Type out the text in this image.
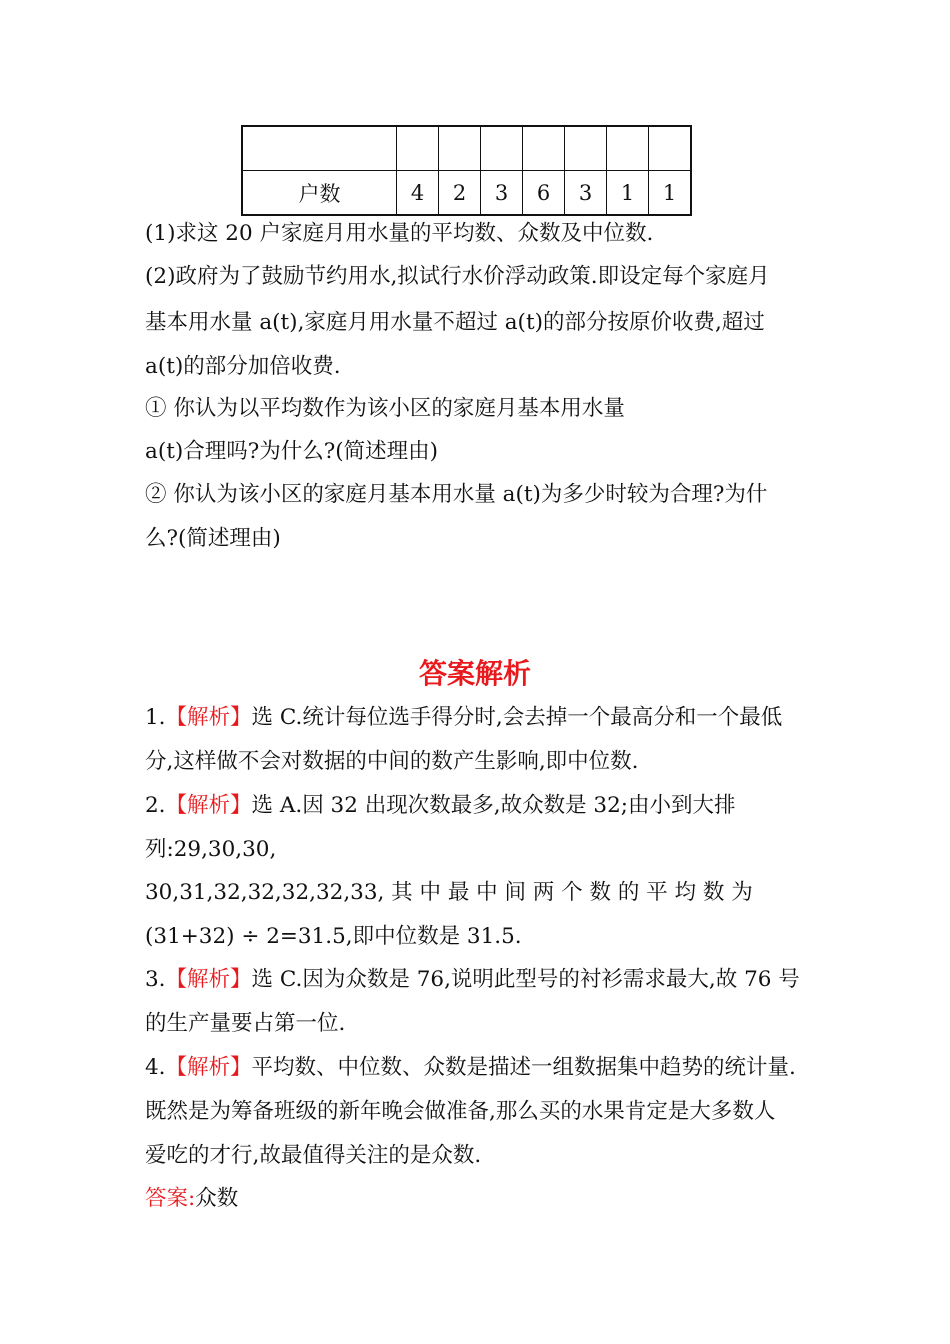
户数	4	2	3	6	3	1	1
(1)求这 20 户家庭月用水量的平均数、众数及中位数.
(2)政府为了鼓励节约用水,拟试行水价浮动政策.即设定每个家庭月
基本用水量 a(t),家庭月用水量不超过 a(t)的部分按原价收费,超过
a(t)的部分加倍收费.
① 你认为以平均数作为该小区的家庭月基本用水量
a(t)合理吗?为什么?(简述理由)
② 你认为该小区的家庭月基本用水量 a(t)为多少时较为合理?为什
么?(简述理由)
答案解析
1.【解析】选 C.统计每位选手得分时,会去掉一个最高分和一个最低
分,这样做不会对数据的中间的数产生影响,即中位数.
2.【解析】选 A.因 32 出现次数最多,故众数是 32;由小到大排
列:29,30,30,
30,31,32,32,32,32,33, 其 中 最 中 间 两 个 数 的 平 均 数 为
(31+32) ÷ 2=31.5,即中位数是 31.5.
3.【解析】选 C.因为众数是 76,说明此型号的衬衫需求最大,故 76 号
的生产量要占第一位.
4.【解析】平均数、中位数、众数是描述一组数据集中趋势的统计量.
既然是为筹备班级的新年晚会做准备,那么买的水果肯定是大多数人
爱吃的才行,故最值得关注的是众数.
答案:众数
